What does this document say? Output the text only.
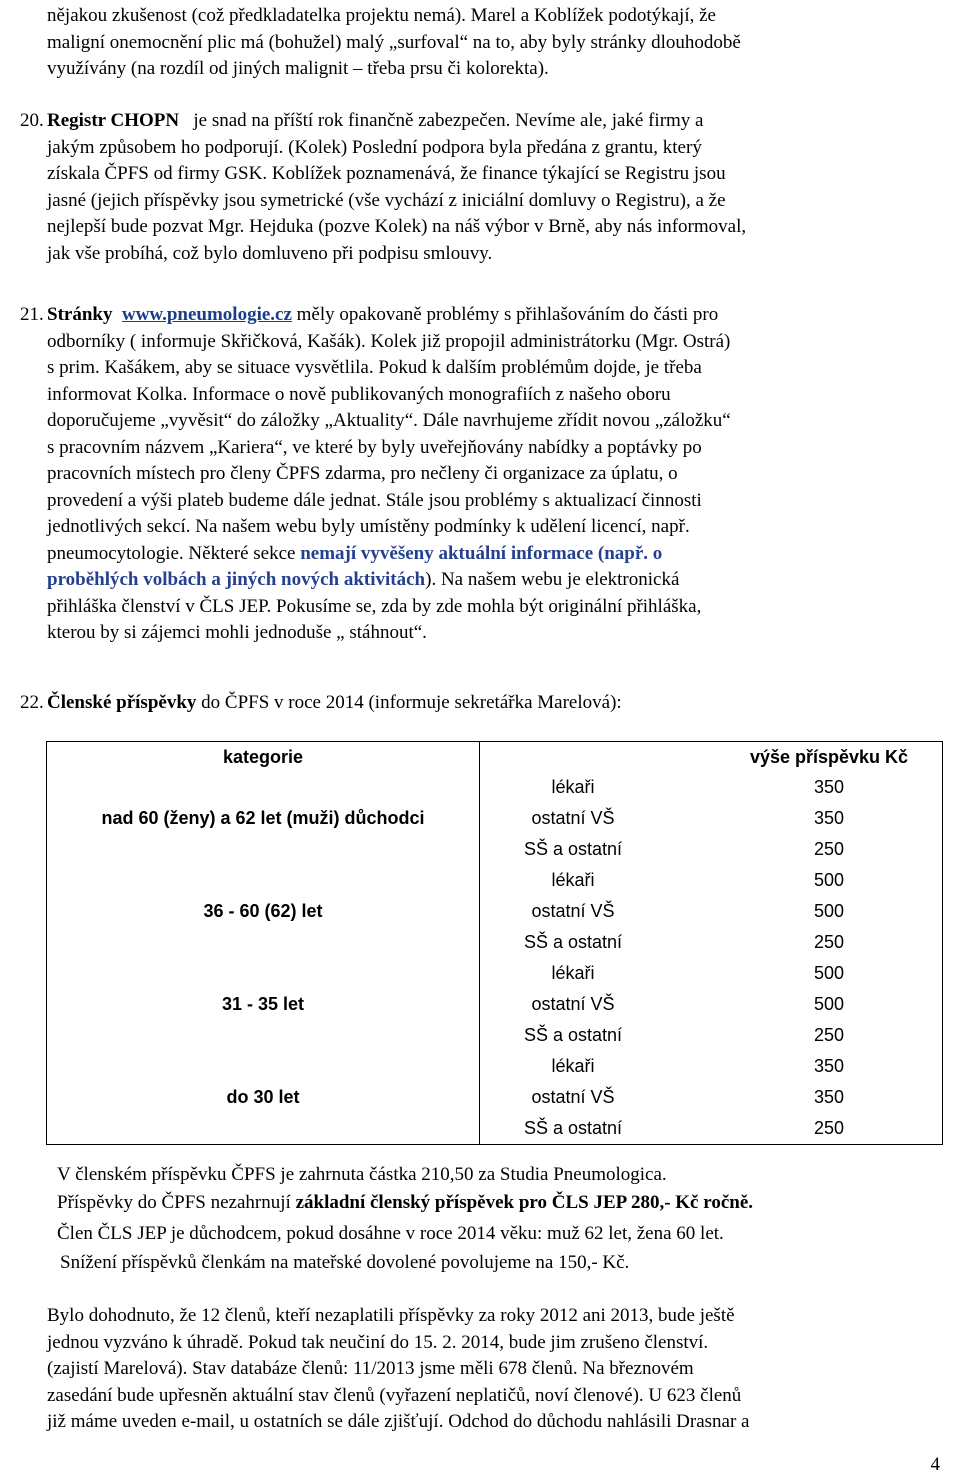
nějakou zkušenost (což předkladatelka projektu nemá). Marel a Koblížek podotýkají, že
maligní onemocnění plic má (bohužel) malý „surfoval“ na to, aby byly stránky dlouhodobě
využívány (na rozdíl od jiných malignit – třeba prsu či kolorekta).
20. Registr CHOPN je snad na příští rok finančně zabezpečen. Nevíme ale, jaké firmy a
jakým způsobem ho podporují. (Kolek) Poslední podpora byla předána z grantu, který
získala ČPFS od firmy GSK. Koblížek poznamenává, že finance týkající se Registru jsou
jasné (jejich příspěvky jsou symetrické (vše vychází z iniciální domluvy o Registru), a že
nejlepší bude pozvat Mgr. Hejduka (pozve Kolek) na náš výbor v Brně, aby nás informoval,
jak vše probíhá, což bylo domluveno při podpisu smlouvy.
21. Stránky www.pneumologie.cz měly opakovaně problémy s přihlašováním do části pro
odborníky ( informuje Skřičková, Kašák). Kolek již propojil administrátorku (Mgr. Ostrá)
s prim. Kašákem, aby se situace vysvětlila. Pokud k dalším problémům dojde, je třeba
informovat Kolka. Informace o nově publikovaných monografiích z našeho oboru
doporučujeme „vyvěsit“ do záložky „Aktuality“. Dále navrhujeme zřídit novou „záložku“
s pracovním názvem „Kariera“, ve které by byly uveřejňovány nabídky a poptávky po
pracovních místech pro členy ČPFS zdarma, pro nečleny či organizace za úplatu, o
provedení a výši plateb budeme dále jednat. Stále jsou problémy s aktualizací činnosti
jednotlivých sekcí. Na našem webu byly umístěny podmínky k udělení licencí, např.
pneumocytologie. Některé sekce nemají vyvěšeny aktuální informace (např. o
proběhlých volbách a jiných nových aktivitách). Na našem webu je elektronická
přihláška členství v ČLS JEP. Pokusíme se, zda by zde mohla být originální přihláška,
kterou by si zájemci mohli jednoduše „ stáhnout“.
22. Členské příspěvky do ČPFS v roce 2014 (informuje sekretářka Marelová):
kategorie		výše příspěvku Kč
nad 60 (ženy) a 62 let (muži) důchodci	lékaři	350
	ostatní VŠ	350
	SŠ a ostatní	250
36 - 60 (62) let	lékaři	500
	ostatní VŠ	500
	SŠ a ostatní	250
31 - 35 let	lékaři	500
	ostatní VŠ	500
	SŠ a ostatní	250
do 30 let	lékaři	350
	ostatní VŠ	350
	SŠ a ostatní	250
V členském příspěvku ČPFS je zahrnuta částka 210,50 za Studia Pneumologica.
Příspěvky do ČPFS nezahrnují základní členský příspěvek pro ČLS JEP 280,- Kč ročně.
Člen ČLS JEP je důchodcem, pokud dosáhne v roce 2014 věku: muž 62 let, žena 60 let.
Snížení příspěvků členkám na mateřské dovolené povolujeme na 150,- Kč.
Bylo dohodnuto, že 12 členů, kteří nezaplatili příspěvky za roky 2012 ani 2013, bude ještě
jednou vyzváno k úhradě. Pokud tak neučiní do 15. 2. 2014, bude jim zrušeno členství.
(zajistí Marelová). Stav databáze členů: 11/2013 jsme měli 678 členů. Na březnovém
zasedání bude upřesněn aktuální stav členů (vyřazení neplatičů, noví členové). U 623 členů
již máme uveden e-mail, u ostatních se dále zjišťují. Odchod do důchodu nahlásili Drasnar a
4
